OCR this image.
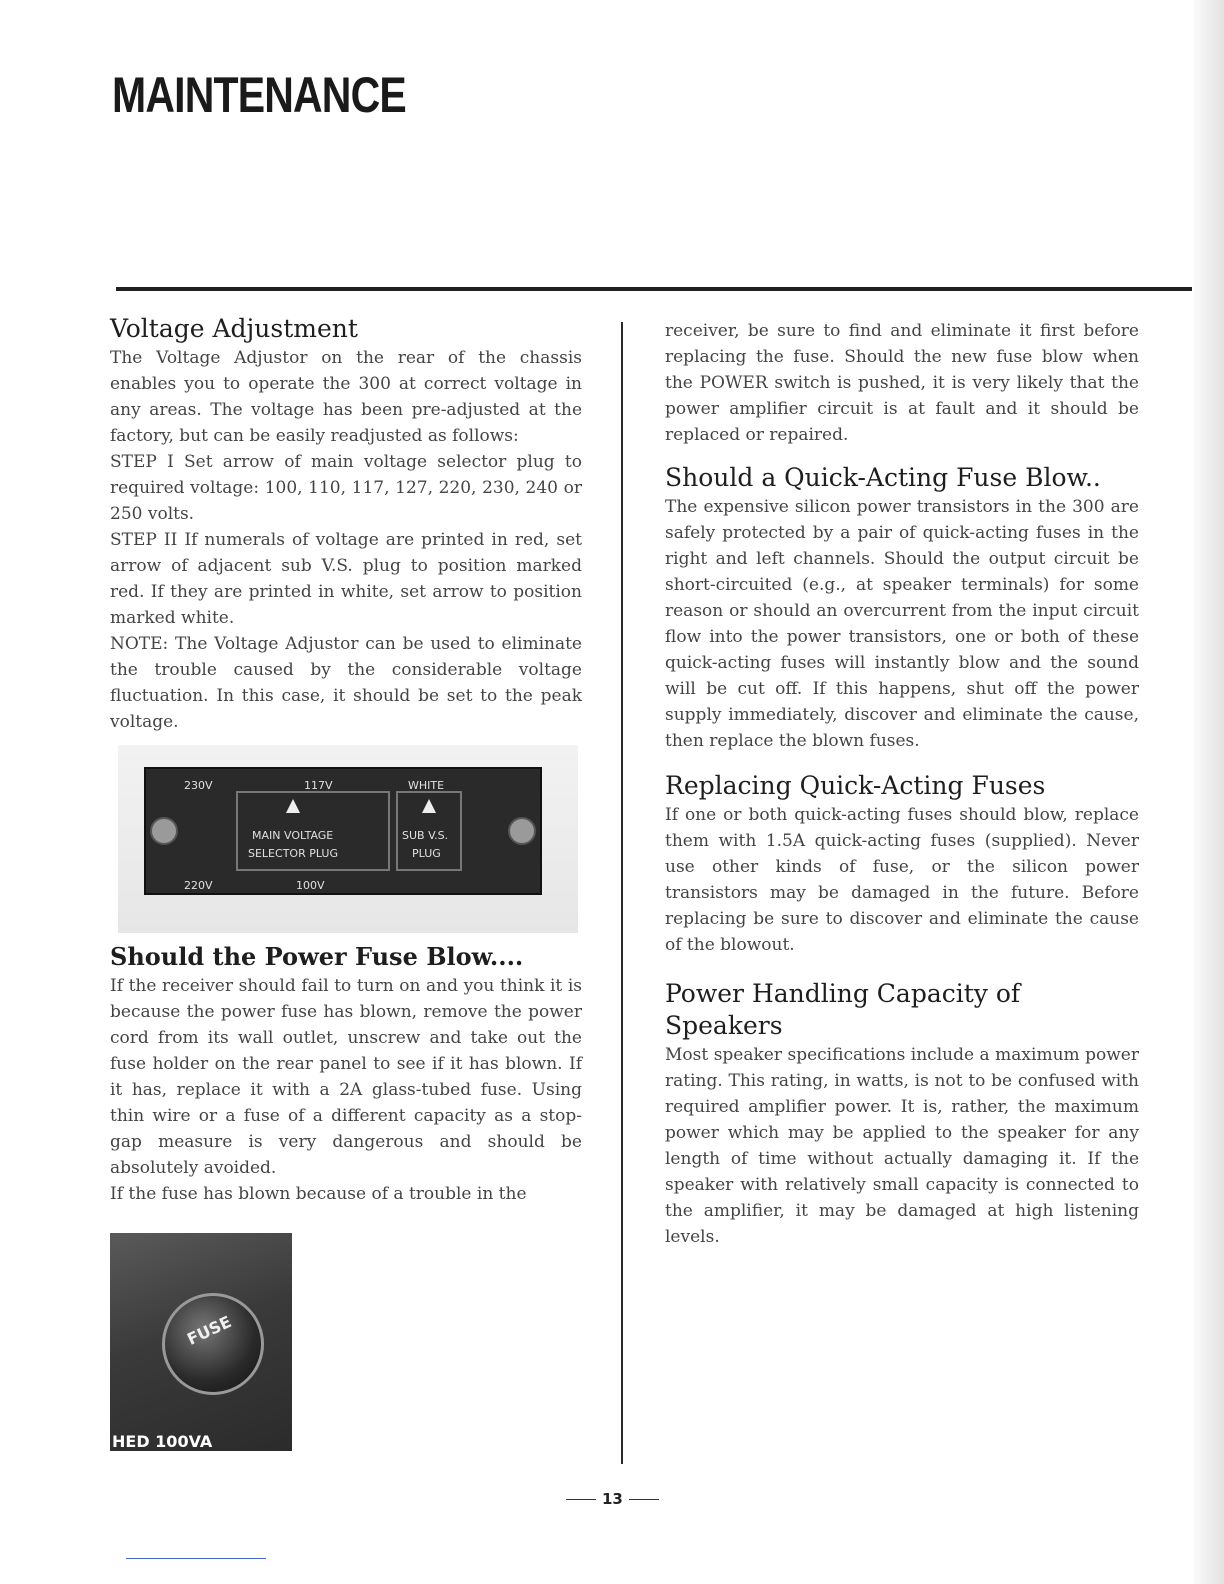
MAINTENANCE
Voltage Adjustment

The Voltage Adjustor on the rear of the chassis enables you to operate the 300 at correct voltage in any areas. The voltage has been pre-adjusted at the factory, but can be easily readjusted as follows:

STEP I Set arrow of main voltage selector plug to required voltage: 100, 110, 117, 127, 220, 230, 240 or 250 volts.

STEP II If numerals of voltage are printed in red, set arrow of adjacent sub V.S. plug to position marked red. If they are printed in white, set arrow to position marked white.

NOTE: The Voltage Adjustor can be used to eliminate the trouble caused by the considerable voltage fluctuation. In this case, it should be set to the peak voltage.

230V	117V	WHITE
MAIN VOLTAGE
SELECTOR PLUG
SUB V.S.
PLUG
220V	100V
Should the Power Fuse Blow....

If the receiver should fail to turn on and you think it is because the power fuse has blown, remove the power cord from its wall outlet, unscrew and take out the fuse holder on the rear panel to see if it has blown. If it has, replace it with a 2A glass-tubed fuse. Using thin wire or a fuse of a different capacity as a stop-gap measure is very dangerous and should be absolutely avoided.

If the fuse has blown because of a trouble in the

FUSE
HED 100VA

receiver, be sure to find and eliminate it first before replacing the fuse. Should the new fuse blow when the POWER switch is pushed, it is very likely that the power amplifier circuit is at fault and it should be replaced or repaired.

Should a Quick-Acting Fuse Blow..

The expensive silicon power transistors in the 300 are safely protected by a pair of quick-acting fuses in the right and left channels. Should the output circuit be short-circuited (e.g., at speaker terminals) for some reason or should an overcurrent from the input circuit flow into the power transistors, one or both of these quick-acting fuses will instantly blow and the sound will be cut off. If this happens, shut off the power supply immediately, discover and eliminate the cause, then replace the blown fuses.

Replacing Quick-Acting Fuses

If one or both quick-acting fuses should blow, replace them with 1.5A quick-acting fuses (supplied). Never use other kinds of fuse, or the silicon power transistors may be damaged in the future. Before replacing be sure to discover and eliminate the cause of the blowout.

Power Handling Capacity of Speakers

Most speaker specifications include a maximum power rating. This rating, in watts, is not to be confused with required amplifier power. It is, rather, the maximum power which may be applied to the speaker for any length of time without actually damaging it. If the speaker with relatively small capacity is connected to the amplifier, it may be damaged at high listening levels.

13
